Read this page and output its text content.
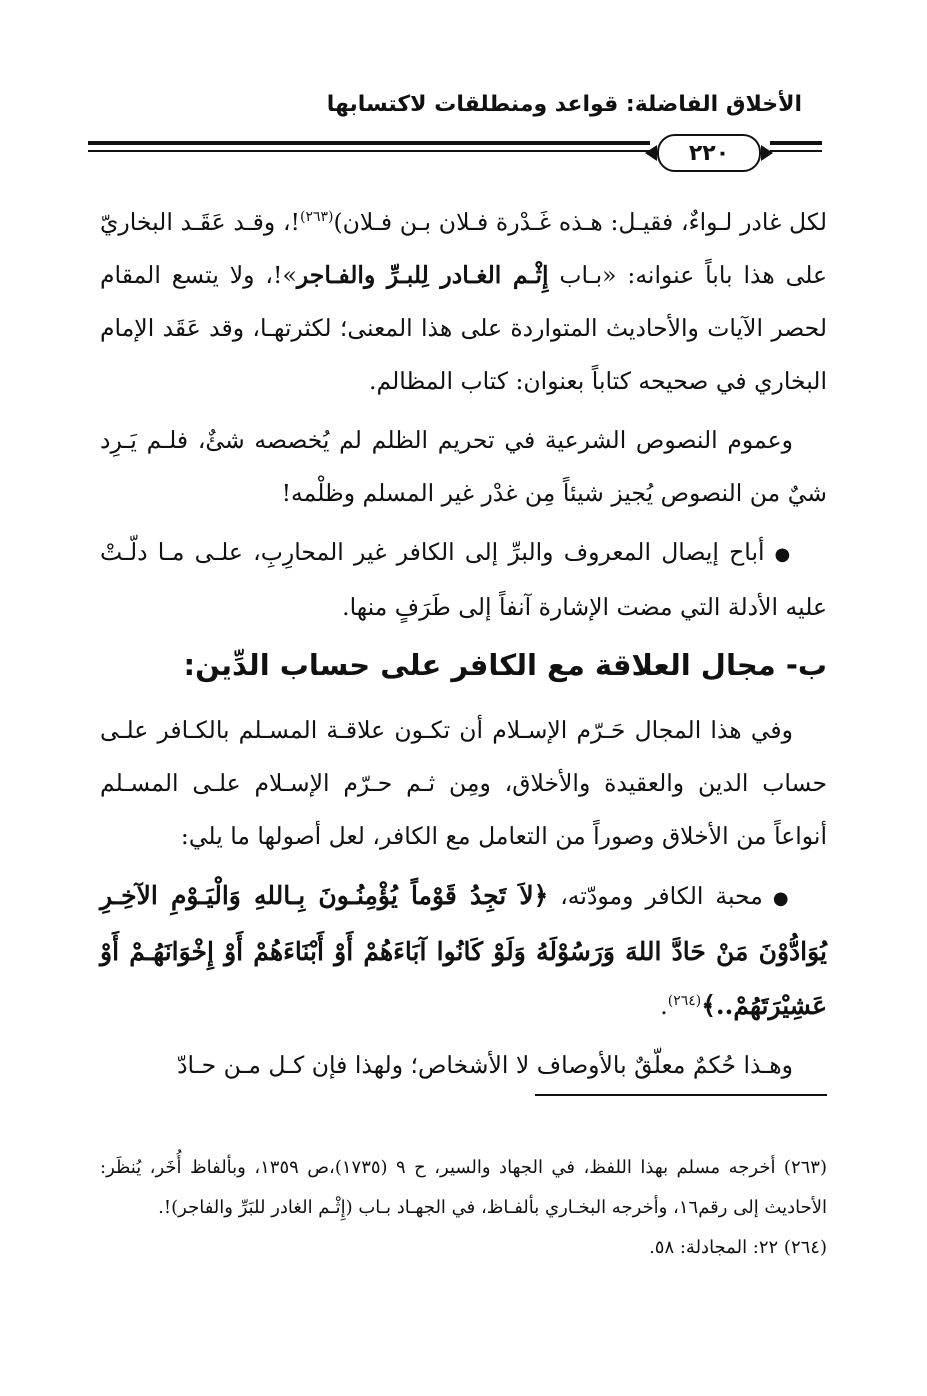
الأخلاق الفاضلة: قواعد ومنطلقات لاكتسابها
٢٢٠

لكل غادر لـواءٌ، فقيـل: هـذه غَـدْرة فـلان بـن فـلان)$^{(٢٦٣)}$!، وقـد عَقَـد البخاريّ على هذا باباً عنوانه: «بـاب إِثْـم الغـادر لِلبـرِّ والفـاجر»!، ولا يتسع المقام لحصر الآيات والأحاديث المتواردة على هذا المعنى؛ لكثرتهـا، وقد عَقَد الإمام البخاري في صحيحه كتاباً بعنوان: كتاب المظالم.

وعموم النصوص الشرعية في تحريم الظلم لم يُخصصه شئٌ، فلـم يَـرِد شيٌ من النصوص يُجيز شيئاً مِن غدْر غير المسلم وظلْمه!

●أباح إيصال المعروف والبرِّ إلى الكافر غير المحارِبِ، علـى مـا دلّـتْ عليه الأدلة التي مضت الإشارة آنفاً إلى طَرَفٍ منها.

ب- مجال العلاقة مع الكافر على حساب الدِّين:

وفي هذا المجال حَـرّم الإسـلام أن تكـون علاقـة المسـلم بالكـافر علـى حساب الدين والعقيدة والأخلاق، ومِن ثـم حـرّم الإسـلام علـى المسـلم أنواعاً من الأخلاق وصوراً من التعامل مع الكافر، لعل أصولها ما يلي:

●محبة الكافر ومودّته، ﴿لاَ تَجِدُ قَوْماً يُؤْمِنُـونَ بِـاللهِ وَالْيَـوْمِ الآخِـرِ يُوَادُّوْنَ مَنْ حَادَّ اللهَ وَرَسُوْلَهُ وَلَوْ كَانُوا آبَاءَهُمْ أَوْ أَبْنَاءَهُمْ أَوْ إِخْوَانَهُـمْ أَوْ عَشِيْرَتَهُمْ..﴾$^{(٢٦٤)}$.

وهـذا حُكمٌ معلّقٌ بالأوصاف لا الأشخاص؛ ولهذا فإن كـل مـن حـادّ

(٢٦٣) أخرجه مسلم بهذا اللفظ، في الجهاد والسير، ح ٩ (١٧٣٥)،ص ١٣٥٩، وبألفاظ أُخَر، يُنظَر: الأحاديث إلى رقم١٦، وأخرجه البخـاري بألفـاظ، في الجهـاد بـاب (إِثْـم الغادر للبَرِّ والفاجر)!.

(٢٦٤) ٢٢: المجادلة: ٥٨.
